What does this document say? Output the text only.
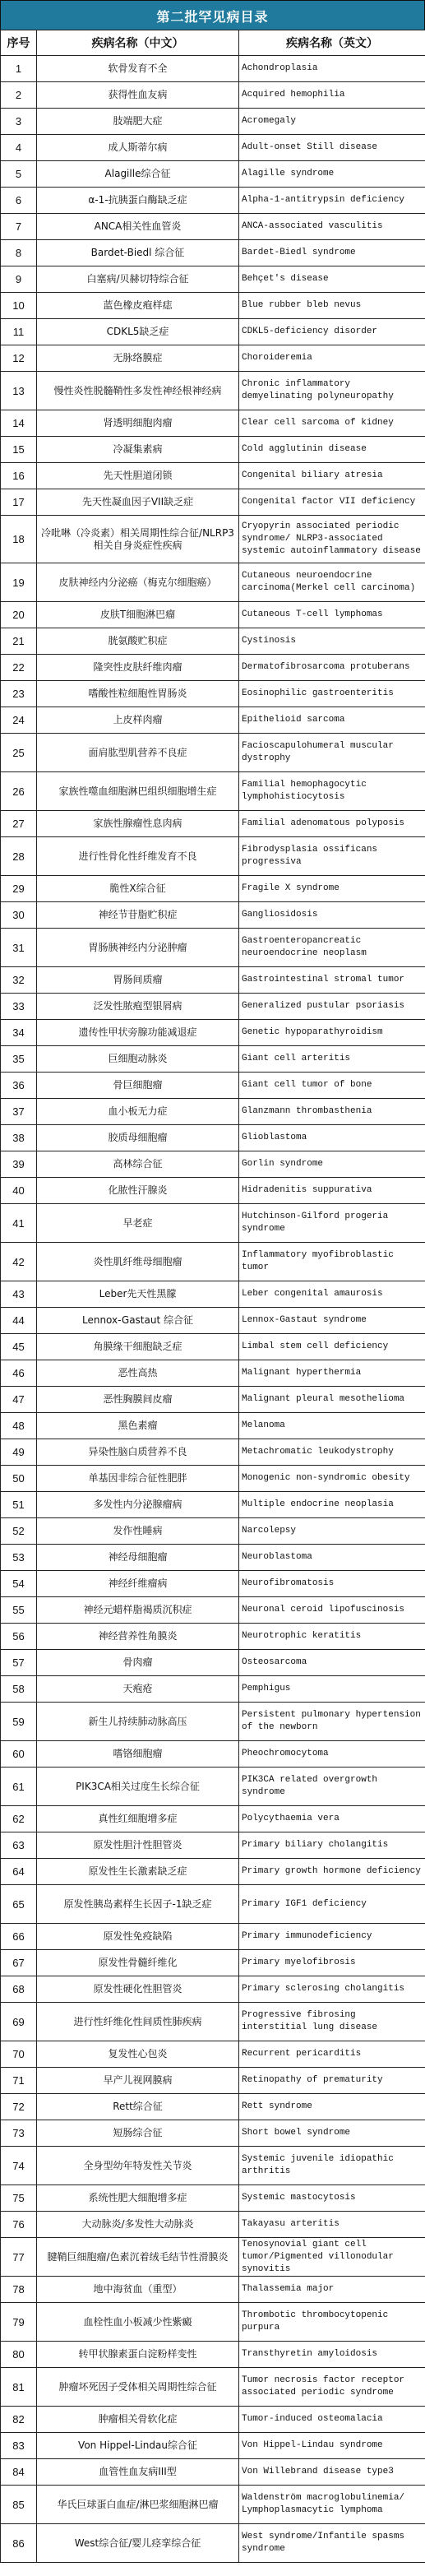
第二批罕见病目录
序号	疾病名称（中文）	疾病名称（英文）
1	软骨发育不全	Achondroplasia
2	获得性血友病	Acquired hemophilia
3	肢端肥大症	Acromegaly
4	成人斯蒂尔病	Adult-onset Still disease
5	Alagille综合征	Alagille syndrome
6	α-1-抗胰蛋白酶缺乏症	Alpha-1-antitrypsin deficiency
7	ANCA相关性血管炎	ANCA-associated vasculitis
8	Bardet-Biedl 综合征	Bardet-Biedl syndrome
9	白塞病/贝赫切特综合征	Behçet's disease
10	蓝色橡皮疱样痣	Blue rubber bleb nevus
11	CDKL5缺乏症	CDKL5-deficiency disorder
12	无脉络膜症	Choroideremia
13	慢性炎性脱髓鞘性多发性神经根神经病	Chronic inflammatory demyelinating polyneuropathy
14	肾透明细胞肉瘤	Clear cell sarcoma of kidney
15	冷凝集素病	Cold agglutinin disease
16	先天性胆道闭锁	Congenital biliary atresia
17	先天性凝血因子VII缺乏症	Congenital factor VII deficiency
18	冷吡啉（冷炎素）相关周期性综合征/NLRP3相关自身炎症性疾病	Cryopyrin associated periodic syndrome/ NLRP3-associated systemic autoinflammatory disease
19	皮肤神经内分泌癌（梅克尔细胞癌）	Cutaneous neuroendocrine carcinoma(Merkel cell carcinoma)
20	皮肤T细胞淋巴瘤	Cutaneous T-cell lymphomas
21	胱氨酸贮积症	Cystinosis
22	隆突性皮肤纤维肉瘤	Dermatofibrosarcoma protuberans
23	嗜酸性粒细胞性胃肠炎	Eosinophilic gastroenteritis
24	上皮样肉瘤	Epithelioid sarcoma
25	面肩肱型肌营养不良症	Facioscapulohumeral muscular dystrophy
26	家族性噬血细胞淋巴组织细胞增生症	Familial hemophagocytic lymphohistiocytosis
27	家族性腺瘤性息肉病	Familial adenomatous polyposis
28	进行性骨化性纤维发育不良	Fibrodysplasia ossificans progressiva
29	脆性X综合征	Fragile X syndrome
30	神经节苷脂贮积症	Gangliosidosis
31	胃肠胰神经内分泌肿瘤	Gastroenteropancreatic neuroendocrine neoplasm
32	胃肠间质瘤	Gastrointestinal stromal tumor
33	泛发性脓疱型银屑病	Generalized pustular psoriasis
34	遗传性甲状旁腺功能减退症	Genetic hypoparathyroidism
35	巨细胞动脉炎	Giant cell arteritis
36	骨巨细胞瘤	Giant cell tumor of bone
37	血小板无力症	Glanzmann thrombasthenia
38	胶质母细胞瘤	Glioblastoma
39	高林综合征	Gorlin syndrome
40	化脓性汗腺炎	Hidradenitis suppurativa
41	早老症	Hutchinson-Gilford progeria syndrome
42	炎性肌纤维母细胞瘤	Inflammatory myofibroblastic tumor
43	Leber先天性黑朦	Leber congenital amaurosis
44	Lennox-Gastaut 综合征	Lennox-Gastaut syndrome
45	角膜缘干细胞缺乏症	Limbal stem cell deficiency
46	恶性高热	Malignant hyperthermia
47	恶性胸膜间皮瘤	Malignant pleural mesothelioma
48	黑色素瘤	Melanoma
49	异染性脑白质营养不良	Metachromatic leukodystrophy
50	单基因非综合征性肥胖	Monogenic non-syndromic obesity
51	多发性内分泌腺瘤病	Multiple endocrine neoplasia
52	发作性睡病	Narcolepsy
53	神经母细胞瘤	Neuroblastoma
54	神经纤维瘤病	Neurofibromatosis
55	神经元蜡样脂褐质沉积症	Neuronal ceroid lipofuscinosis
56	神经营养性角膜炎	Neurotrophic keratitis
57	骨肉瘤	Osteosarcoma
58	天疱疮	Pemphigus
59	新生儿持续肺动脉高压	Persistent pulmonary hypertension of the newborn
60	嗜铬细胞瘤	Pheochromocytoma
61	PIK3CA相关过度生长综合征	PIK3CA related overgrowth syndrome
62	真性红细胞增多症	Polycythaemia vera
63	原发性胆汁性胆管炎	Primary biliary cholangitis
64	原发性生长激素缺乏症	Primary growth hormone deficiency
65	原发性胰岛素样生长因子-1缺乏症	Primary IGF1 deficiency
66	原发性免疫缺陷	Primary immunodeficiency
67	原发性骨髓纤维化	Primary myelofibrosis
68	原发性硬化性胆管炎	Primary sclerosing cholangitis
69	进行性纤维化性间质性肺疾病	Progressive fibrosing interstitial lung disease
70	复发性心包炎	Recurrent pericarditis
71	早产儿视网膜病	Retinopathy of prematurity
72	Rett综合征	Rett syndrome
73	短肠综合征	Short bowel syndrome
74	全身型幼年特发性关节炎	Systemic juvenile idiopathic arthritis
75	系统性肥大细胞增多症	Systemic mastocytosis
76	大动脉炎/多发性大动脉炎	Takayasu arteritis
77	腱鞘巨细胞瘤/色素沉着绒毛结节性滑膜炎	Tenosynovial giant cell tumor/Pigmented villonodular synovitis
78	地中海贫血（重型）	Thalassemia major
79	血栓性血小板减少性紫癜	Thrombotic thrombocytopenic purpura
80	转甲状腺素蛋白淀粉样变性	Transthyretin amyloidosis
81	肿瘤坏死因子受体相关周期性综合征	Tumor necrosis factor receptor associated periodic syndrome
82	肿瘤相关骨软化症	Tumor-induced osteomalacia
83	Von Hippel-Lindau综合征	Von Hippel-Lindau syndrome
84	血管性血友病III型	Von Willebrand disease type3
85	华氏巨球蛋白血症/淋巴浆细胞淋巴瘤	Waldenström macroglobulinemia/ Lymphoplasmacytic lymphoma
86	West综合征/婴儿痉挛综合征	West syndrome/Infantile spasms syndrome
